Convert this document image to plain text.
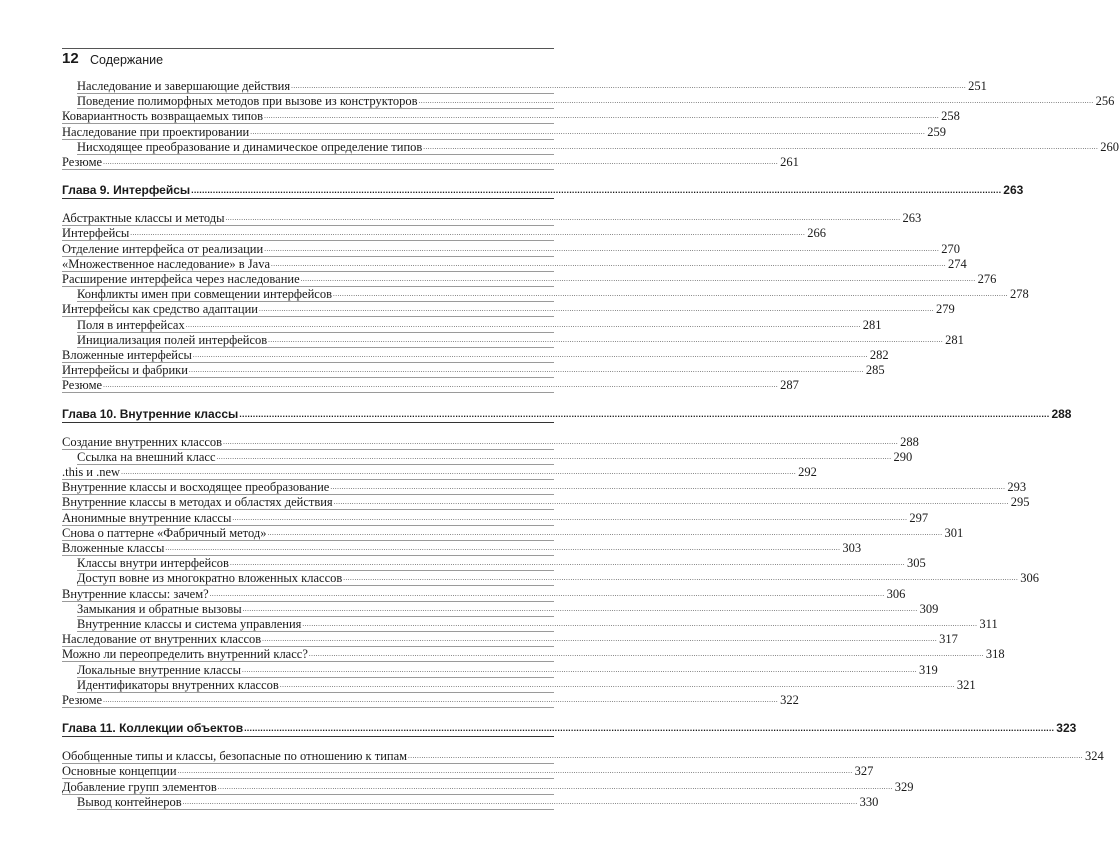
12 Содержание
Наследование и завершающие действия ............................................................................................................................................................................................................................................................................................................ 251
Поведение полиморфных методов при вызове из конструкторов ............................................................................................................................................................................................................................................................................................................ 256
Ковариантность возвращаемых типов ............................................................................................................................................................................................................................................................................................................ 258
Наследование при проектировании ............................................................................................................................................................................................................................................................................................................ 259
Нисходящее преобразование и динамическое определение типов ............................................................................................................................................................................................................................................................................................................ 260
Резюме ............................................................................................................................................................................................................................................................................................................ 261
Глава 9. Интерфейсы ............................................................................................................................................................................................................................................................................................................ 263
Абстрактные классы и методы ............................................................................................................................................................................................................................................................................................................ 263
Интерфейсы ............................................................................................................................................................................................................................................................................................................ 266
Отделение интерфейса от реализации ............................................................................................................................................................................................................................................................................................................ 270
«Множественное наследование» в Java ............................................................................................................................................................................................................................................................................................................ 274
Расширение интерфейса через наследование ............................................................................................................................................................................................................................................................................................................ 276
Конфликты имен при совмещении интерфейсов ............................................................................................................................................................................................................................................................................................................ 278
Интерфейсы как средство адаптации ............................................................................................................................................................................................................................................................................................................ 279
Поля в интерфейсах ............................................................................................................................................................................................................................................................................................................ 281
Инициализация полей интерфейсов ............................................................................................................................................................................................................................................................................................................ 281
Вложенные интерфейсы ............................................................................................................................................................................................................................................................................................................ 282
Интерфейсы и фабрики ............................................................................................................................................................................................................................................................................................................ 285
Резюме ............................................................................................................................................................................................................................................................................................................ 287
Глава 10. Внутренние классы ............................................................................................................................................................................................................................................................................................................ 288
Создание внутренних классов ............................................................................................................................................................................................................................................................................................................ 288
Ссылка на внешний класс ............................................................................................................................................................................................................................................................................................................ 290
.this и .new ............................................................................................................................................................................................................................................................................................................ 292
Внутренние классы и восходящее преобразование ............................................................................................................................................................................................................................................................................................................ 293
Внутренние классы в методах и областях действия ............................................................................................................................................................................................................................................................................................................ 295
Анонимные внутренние классы ............................................................................................................................................................................................................................................................................................................ 297
Снова о паттерне «Фабричный метод» ............................................................................................................................................................................................................................................................................................................ 301
Вложенные классы ............................................................................................................................................................................................................................................................................................................ 303
Классы внутри интерфейсов ............................................................................................................................................................................................................................................................................................................ 305
Доступ вовне из многократно вложенных классов ............................................................................................................................................................................................................................................................................................................ 306
Внутренние классы: зачем? ............................................................................................................................................................................................................................................................................................................ 306
Замыкания и обратные вызовы ............................................................................................................................................................................................................................................................................................................ 309
Внутренние классы и система управления ............................................................................................................................................................................................................................................................................................................ 311
Наследование от внутренних классов ............................................................................................................................................................................................................................................................................................................ 317
Можно ли переопределить внутренний класс? ............................................................................................................................................................................................................................................................................................................ 318
Локальные внутренние классы ............................................................................................................................................................................................................................................................................................................ 319
Идентификаторы внутренних классов ............................................................................................................................................................................................................................................................................................................ 321
Резюме ............................................................................................................................................................................................................................................................................................................ 322
Глава 11. Коллекции объектов ............................................................................................................................................................................................................................................................................................................ 323
Обобщенные типы и классы, безопасные по отношению к типам ............................................................................................................................................................................................................................................................................................................ 324
Основные концепции ............................................................................................................................................................................................................................................................................................................ 327
Добавление групп элементов ............................................................................................................................................................................................................................................................................................................ 329
Вывод контейнеров ............................................................................................................................................................................................................................................................................................................ 330
